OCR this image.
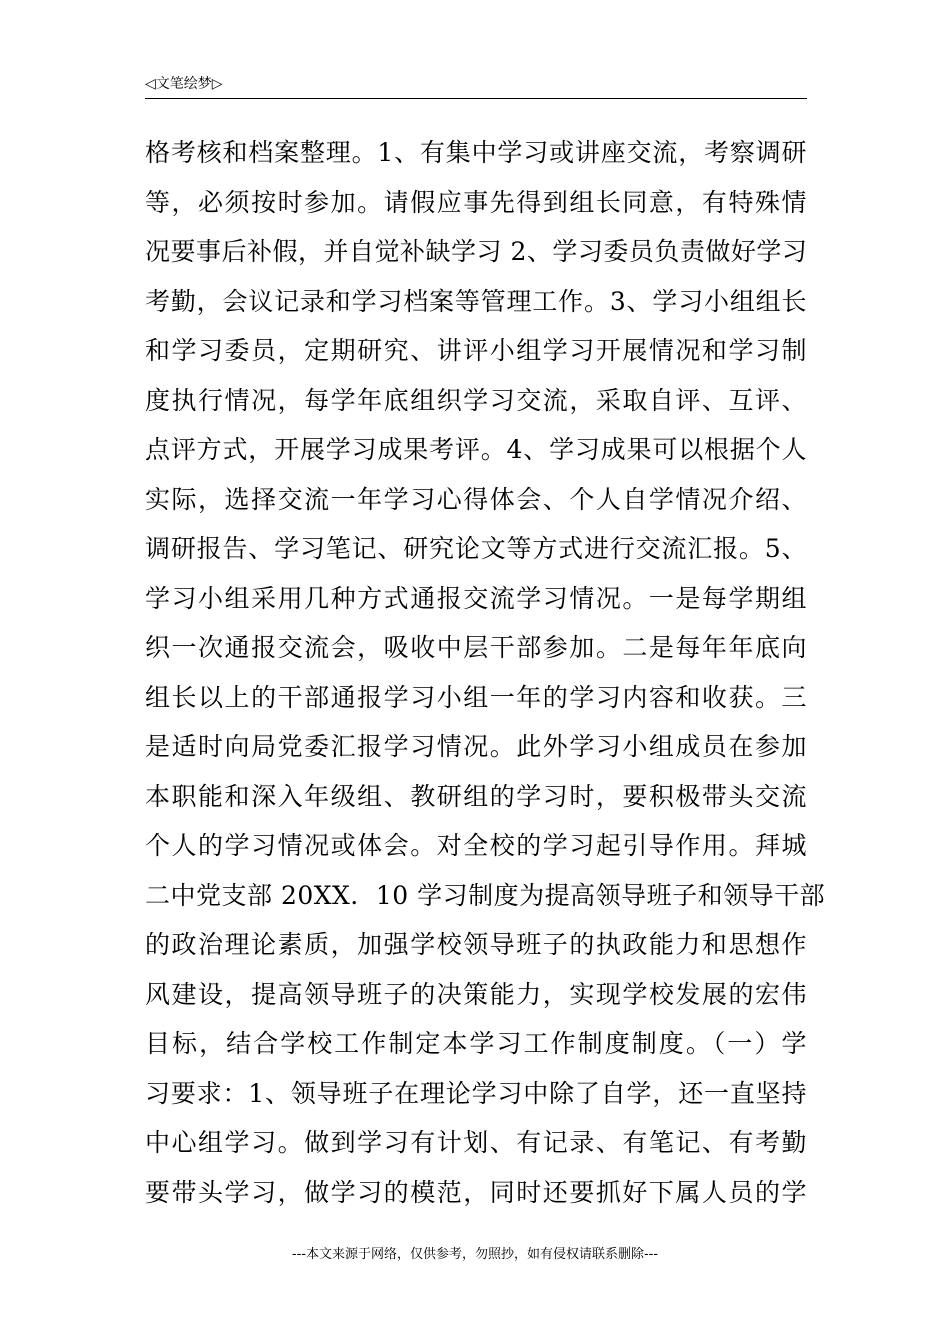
◁文笔绘梦▷
格考核和档案整理。1、有集中学习或讲座交流，考察调研
等，必须按时参加。请假应事先得到组长同意，有特殊情
况要事后补假，并自觉补缺学习 2、学习委员负责做好学习
考勤，会议记录和学习档案等管理工作。3、学习小组组长
和学习委员，定期研究、讲评小组学习开展情况和学习制
度执行情况，每学年底组织学习交流，采取自评、互评、
点评方式，开展学习成果考评。4、学习成果可以根据个人
实际，选择交流一年学习心得体会、个人自学情况介绍、
调研报告、学习笔记、研究论文等方式进行交流汇报。5、
学习小组采用几种方式通报交流学习情况。一是每学期组
织一次通报交流会，吸收中层干部参加。二是每年年底向
组长以上的干部通报学习小组一年的学习内容和收获。三
是适时向局党委汇报学习情况。此外学习小组成员在参加
本职能和深入年级组、教研组的学习时，要积极带头交流
个人的学习情况或体会。对全校的学习起引导作用。拜城
二中党支部 20XX．10 学习制度为提高领导班子和领导干部
的政治理论素质，加强学校领导班子的执政能力和思想作
风建设，提高领导班子的决策能力，实现学校发展的宏伟
目标，结合学校工作制定本学习工作制度制度。（一）学
习要求：1、领导班子在理论学习中除了自学，还一直坚持
中心组学习。做到学习有计划、有记录、有笔记、有考勤
要带头学习，做学习的模范，同时还要抓好下属人员的学
---本文来源于网络，仅供参考，勿照抄，如有侵权请联系删除---
